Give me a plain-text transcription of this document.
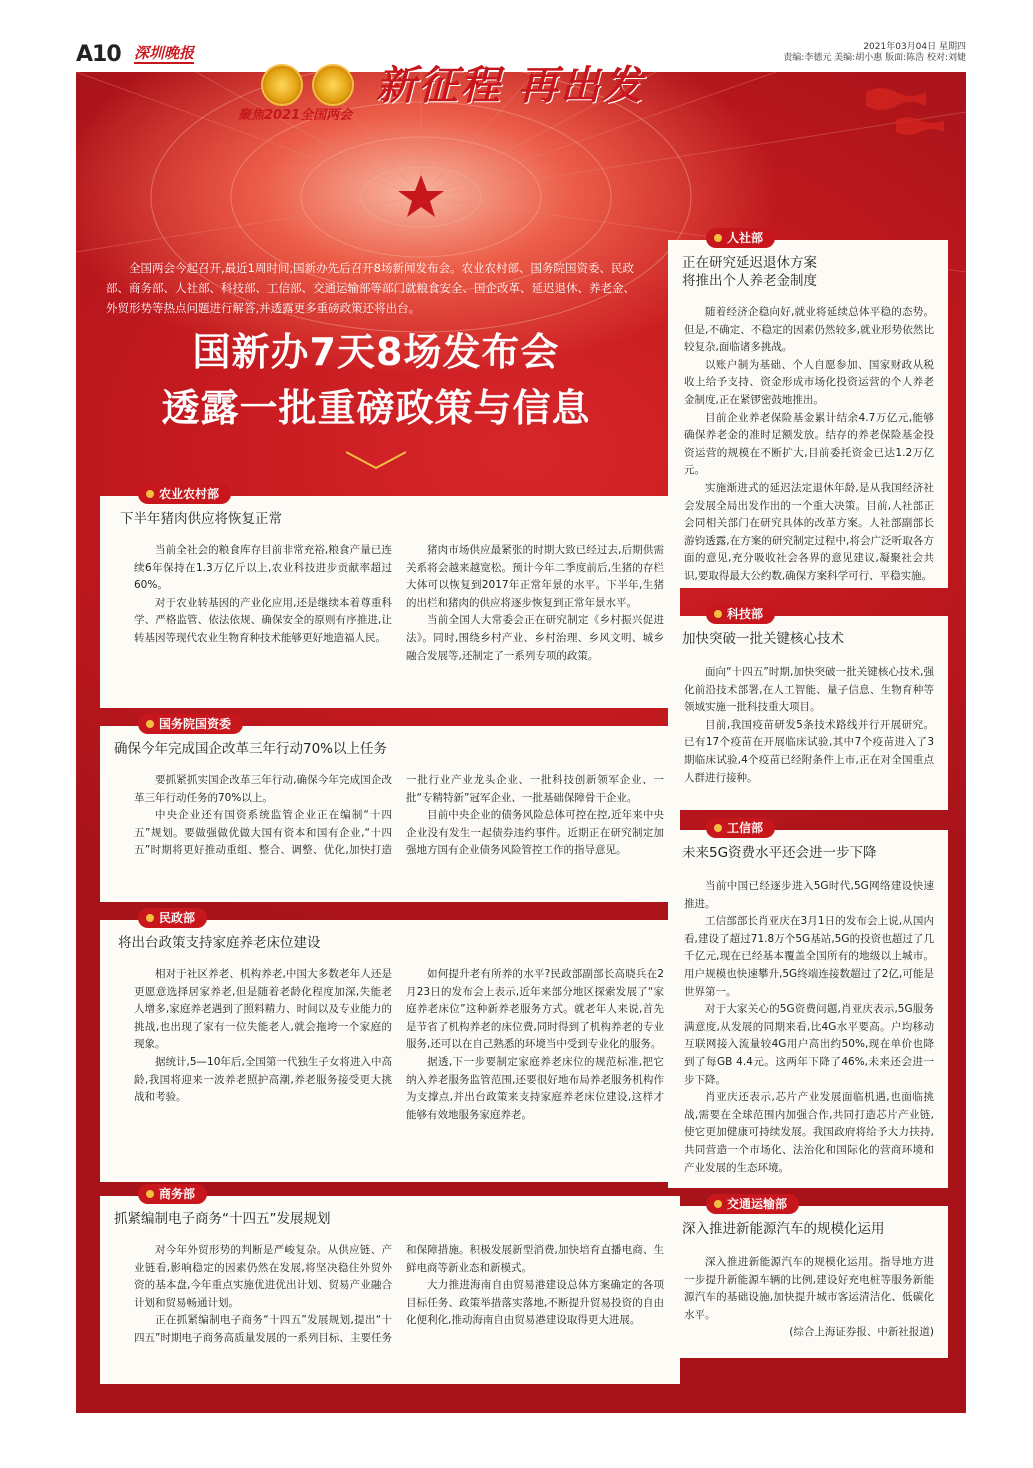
A10 深圳晚报	2021年03月04日 星期四
责编:李德元 美编:胡小惠 版面:陈浩 校对:刘婕

聚焦2021全国两会
新征程 再出发
全国两会今起召开,最近1周时间,国新办先后召开8场新闻发布会。农业农村部、国务院国资委、民政部、商务部、人社部、科技部、工信部、交通运输部等部门就粮食安全、国企改革、延迟退休、养老金、外贸形势等热点问题进行解答,并透露更多重磅政策还将出台。
国新办7天8场发布会
透露一批重磅政策与信息
农业农村部
下半年猪肉供应将恢复正常

当前全社会的粮食库存目前非常充裕,粮食产量已连续6年保持在1.3万亿斤以上,农业科技进步贡献率超过60%。

对于农业转基因的产业化应用,还是继续本着尊重科学、严格监管、依法依规、确保安全的原则有序推进,让转基因等现代农业生物育种技术能够更好地造福人民。

猪肉市场供应最紧张的时期大致已经过去,后期供需关系将会越来越宽松。预计今年二季度前后,生猪的存栏大体可以恢复到2017年正常年景的水平。下半年,生猪的出栏和猪肉的供应将逐步恢复到正常年景水平。

当前全国人大常委会正在研究制定《乡村振兴促进法》。同时,围绕乡村产业、乡村治理、乡风文明、城乡融合发展等,还制定了一系列专项的政策。

国务院国资委
确保今年完成国企改革三年行动70%以上任务

要抓紧抓实国企改革三年行动,确保今年完成国企改革三年行动任务的70%以上。

中央企业还有国资系统监管企业正在编制“十四五”规划。要做强做优做大国有资本和国有企业,“十四五”时期将更好推动重组、整合、调整、优化,加快打造一批行业产业龙头企业、一批科技创新领军企业、一批“专精特新”冠军企业、一批基础保障骨干企业。

目前中央企业的债务风险总体可控在控,近年来中央企业没有发生一起债券违约事件。近期正在研究制定加强地方国有企业债务风险管控工作的指导意见。

民政部
将出台政策支持家庭养老床位建设

相对于社区养老、机构养老,中国大多数老年人还是更愿意选择居家养老,但是随着老龄化程度加深,失能老人增多,家庭养老遇到了照料精力、时间以及专业能力的挑战,也出现了家有一位失能老人,就会拖垮一个家庭的现象。

据统计,5—10年后,全国第一代独生子女将进入中高龄,我国将迎来一波养老照护高潮,养老服务接受更大挑战和考验。

如何提升老有所养的水平?民政部副部长高晓兵在2月23日的发布会上表示,近年来部分地区探索发展了“家庭养老床位”这种新养老服务方式。就老年人来说,首先是节省了机构养老的床位费,同时得到了机构养老的专业服务,还可以在自己熟悉的环境当中受到专业化的服务。

据透,下一步要制定家庭养老床位的规范标准,把它纳入养老服务监管范围,还要很好地布局养老服务机构作为支撑点,并出台政策来支持家庭养老床位建设,这样才能够有效地服务家庭养老。

商务部
抓紧编制电子商务“十四五”发展规划

对今年外贸形势的判断是严峻复杂。从供应链、产业链看,影响稳定的因素仍然在发展,将坚决稳住外贸外资的基本盘,今年重点实施优进优出计划、贸易产业融合计划和贸易畅通计划。

正在抓紧编制电子商务“十四五”发展规划,提出“十四五”时期电子商务高质量发展的一系列目标、主要任务和保障措施。积极发展新型消费,加快培育直播电商、生鲜电商等新业态和新模式。

大力推进海南自由贸易港建设总体方案确定的各项目标任务、政策举措落实落地,不断提升贸易投资的自由化便利化,推动海南自由贸易港建设取得更大进展。

人社部
正在研究延迟退休方案
将推出个人养老金制度

随着经济企稳向好,就业将延续总体平稳的态势。但是,不确定、不稳定的因素仍然较多,就业形势依然比较复杂,面临诸多挑战。

以账户制为基础、个人自愿参加、国家财政从税收上给予支持、资金形成市场化投资运营的个人养老金制度,正在紧锣密鼓地推出。

目前企业养老保险基金累计结余4.7万亿元,能够确保养老金的准时足额发放。结存的养老保险基金投资运营的规模在不断扩大,目前委托资金已达1.2万亿元。

实施渐进式的延迟法定退休年龄,是从我国经济社会发展全局出发作出的一个重大决策。目前,人社部正会同相关部门在研究具体的改革方案。人社部副部长游钧透露,在方案的研究制定过程中,将会广泛听取各方面的意见,充分吸收社会各界的意见建议,凝聚社会共识,要取得最大公约数,确保方案科学可行、平稳实施。

科技部
加快突破一批关键核心技术

面向“十四五”时期,加快突破一批关键核心技术,强化前沿技术部署,在人工智能、量子信息、生物育种等领域实施一批科技重大项目。

目前,我国疫苗研发5条技术路线并行开展研究。已有17个疫苗在开展临床试验,其中7个疫苗进入了3期临床试验,4个疫苗已经附条件上市,正在对全国重点人群进行接种。

工信部
未来5G资费水平还会进一步下降

当前中国已经逐步进入5G时代,5G网络建设快速推进。

工信部部长肖亚庆在3月1日的发布会上说,从国内看,建设了超过71.8万个5G基站,5G的投资也超过了几千亿元,现在已经基本覆盖全国所有的地级以上城市。用户规模也快速攀升,5G终端连接数超过了2亿,可能是世界第一。

对于大家关心的5G资费问题,肖亚庆表示,5G服务满意度,从发展的同期来看,比4G水平要高。户均移动互联网接入流量较4G用户高出约50%,现在单价也降到了每GB 4.4元。这两年下降了46%,未来还会进一步下降。

肖亚庆还表示,芯片产业发展面临机遇,也面临挑战,需要在全球范围内加强合作,共同打造芯片产业链,使它更加健康可持续发展。我国政府将给予大力扶持,共同营造一个市场化、法治化和国际化的营商环境和产业发展的生态环境。

交通运输部
深入推进新能源汽车的规模化运用

深入推进新能源汽车的规模化运用。指导地方进一步提升新能源车辆的比例,建设好充电桩等服务新能源汽车的基础设施,加快提升城市客运清洁化、低碳化水平。

(综合上海证券报、中新社报道)
